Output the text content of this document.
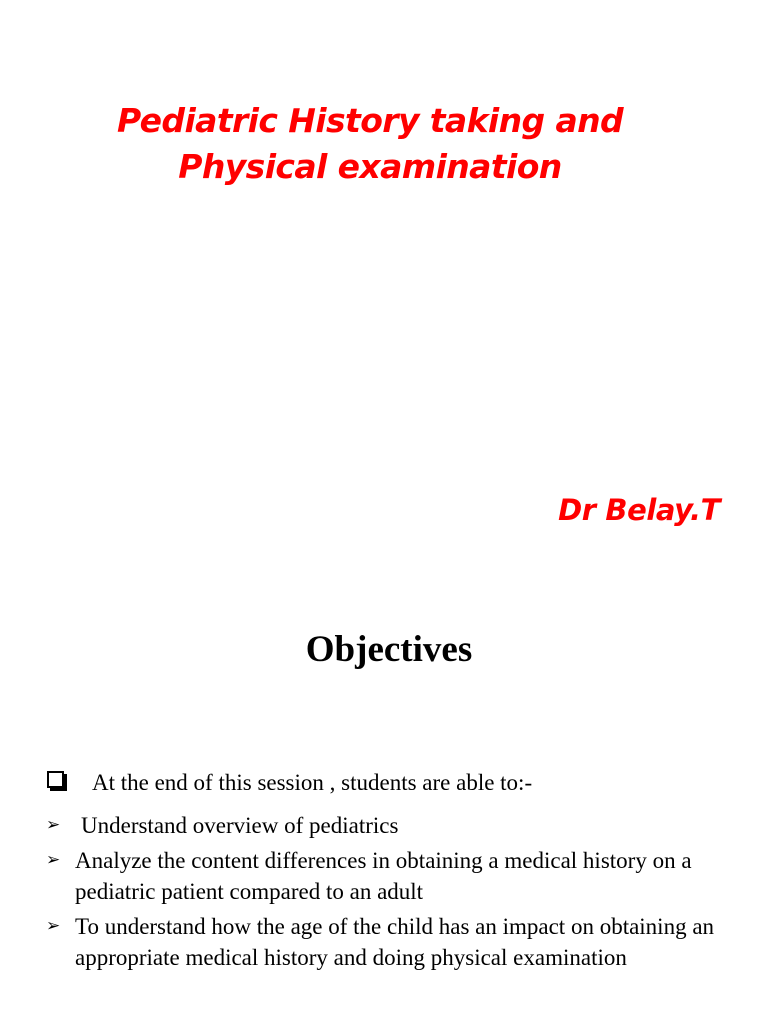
Pediatric History taking and
Physical examination
Dr Belay.T
Objectives
At the end of this session , students are able to:-
➢ Understand overview of pediatrics
➢ Analyze the content differences in obtaining a medical history on a pediatric patient compared to an adult
➢ To understand how the age of the child has an impact on obtaining an appropriate medical history and doing physical examination
